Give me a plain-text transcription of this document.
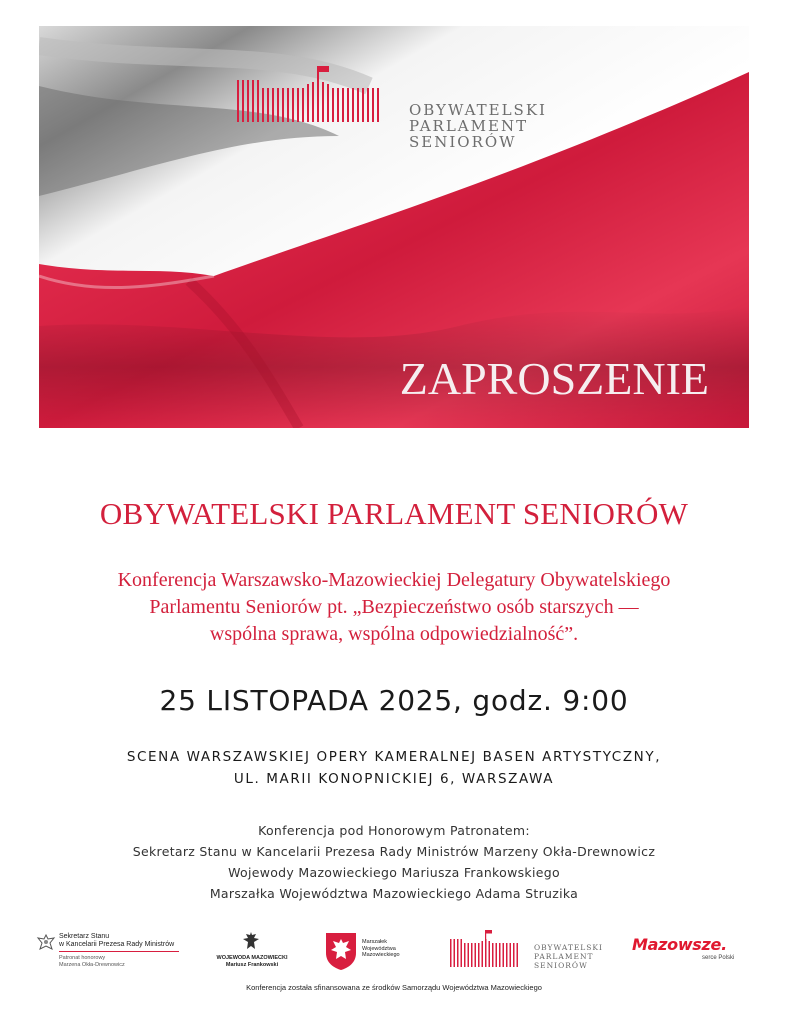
OBYWATELSKI
PARLAMENT
SENIORÓW
ZAPROSZENIE
OBYWATELSKI PARLAMENT SENIORÓW
Konferencja Warszawsko-Mazowieckiej Delegatury Obywatelskiego
Parlamentu Seniorów pt. „Bezpieczeństwo osób starszych —
wspólna sprawa, wspólna odpowiedzialność”.
25 LISTOPADA 2025, godz. 9:00
SCENA WARSZAWSKIEJ OPERY KAMERALNEJ BASEN ARTYSTYCZNY,
UL. MARII KONOPNICKIEJ 6, WARSZAWA
Konferencja pod Honorowym Patronatem:
Sekretarz Stanu w Kancelarii Prezesa Rady Ministrów Marzeny Okła-Drewnowicz
Wojewody Mazowieckiego Mariusza Frankowskiego
Marszałka Województwa Mazowieckiego Adama Struzika
Sekretarz Stanu
w Kancelarii Prezesa Rady Ministrów
Patronat honorowy
Marzena Okła-Drewnowicz
WOJEWODA MAZOWIECKI
Mariusz Frankowski
Marszałek
Województwa
Mazowieckiego
OBYWATELSKI
PARLAMENT
SENIORÓW
Mazowsze.
serce Polski
Konferencja została sfinansowana ze środków Samorządu Województwa Mazowieckiego
